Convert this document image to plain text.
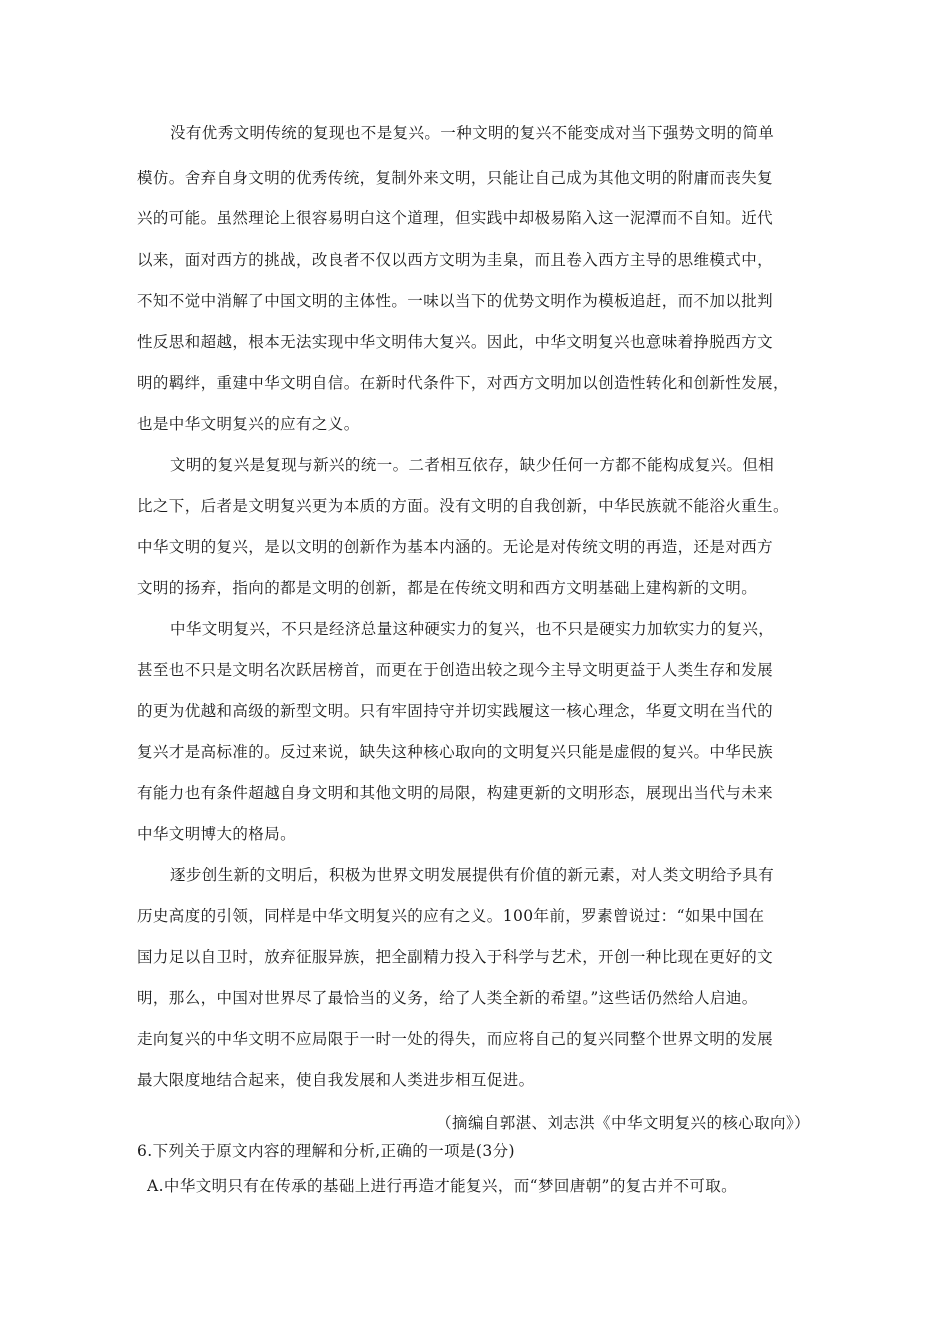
没有优秀文明传统的复现也不是复兴。一种文明的复兴不能变成对当下强势文明的简单
模仿。舍弃自身文明的优秀传统，复制外来文明，只能让自己成为其他文明的附庸而丧失复
兴的可能。虽然理论上很容易明白这个道理，但实践中却极易陷入这一泥潭而不自知。近代
以来，面对西方的挑战，改良者不仅以西方文明为圭臬，而且卷入西方主导的思维模式中，
不知不觉中消解了中国文明的主体性。一味以当下的优势文明作为模板追赶，而不加以批判
性反思和超越，根本无法实现中华文明伟大复兴。因此，中华文明复兴也意味着挣脱西方文
明的羁绊，重建中华文明自信。在新时代条件下，对西方文明加以创造性转化和创新性发展，
也是中华文明复兴的应有之义。
文明的复兴是复现与新兴的统一。二者相互依存，缺少任何一方都不能构成复兴。但相
比之下，后者是文明复兴更为本质的方面。没有文明的自我创新，中华民族就不能浴火重生。
中华文明的复兴，是以文明的创新作为基本内涵的。无论是对传统文明的再造，还是对西方
文明的扬弃，指向的都是文明的创新，都是在传统文明和西方文明基础上建构新的文明。
中华文明复兴，不只是经济总量这种硬实力的复兴，也不只是硬实力加软实力的复兴，
甚至也不只是文明名次跃居榜首，而更在于创造出较之现今主导文明更益于人类生存和发展
的更为优越和高级的新型文明。只有牢固持守并切实践履这一核心理念，华夏文明在当代的
复兴才是高标准的。反过来说，缺失这种核心取向的文明复兴只能是虚假的复兴。中华民族
有能力也有条件超越自身文明和其他文明的局限，构建更新的文明形态，展现出当代与未来
中华文明博大的格局。
逐步创生新的文明后，积极为世界文明发展提供有价值的新元素，对人类文明给予具有
历史高度的引领，同样是中华文明复兴的应有之义。100年前，罗素曾说过：“如果中国在
国力足以自卫时，放弃征服异族，把全副精力投入于科学与艺术，开创一种比现在更好的文
明，那么，中国对世界尽了最恰当的义务，给了人类全新的希望。”这些话仍然给人启迪。
走向复兴的中华文明不应局限于一时一处的得失，而应将自己的复兴同整个世界文明的发展
最大限度地结合起来，使自我发展和人类进步相互促进。
（摘编自郭湛、刘志洪《中华文明复兴的核心取向》）
6.下列关于原文内容的理解和分析,正确的一项是(3分)
A.中华文明只有在传承的基础上进行再造才能复兴，而“梦回唐朝”的复古并不可取。
